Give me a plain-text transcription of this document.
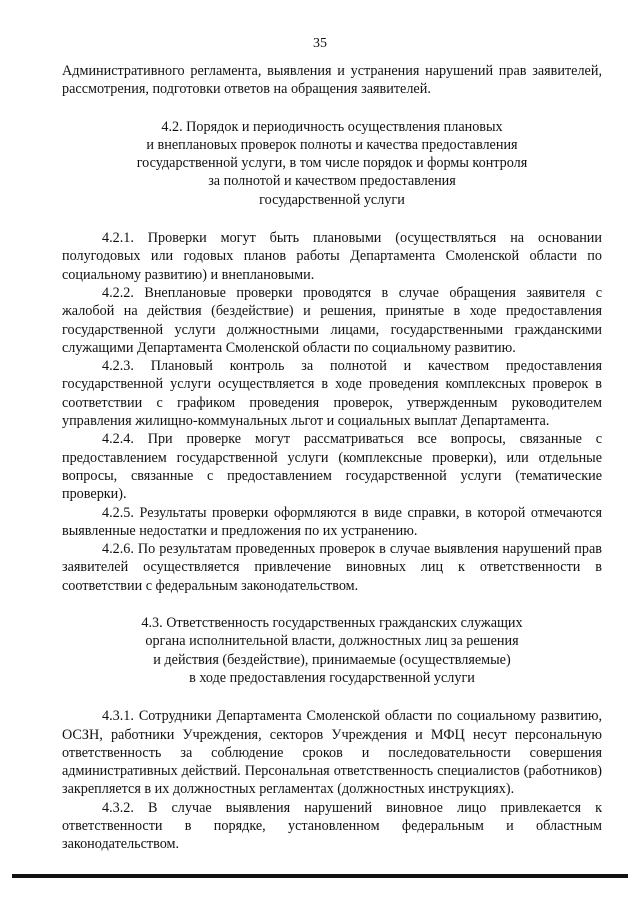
35

Административного регламента, выявления и устранения нарушений прав заявителей, рассмотрения, подготовки ответов на обращения заявителей.

4.2. Порядок и периодичность осуществления плановых

и внеплановых проверок полноты и качества предоставления

государственной услуги, в том числе порядок и формы контроля

за полнотой и качеством предоставления

государственной услуги

4.2.1. Проверки могут быть плановыми (осуществляться на основании полугодовых или годовых планов работы Департамента Смоленской области по социальному развитию) и внеплановыми.

4.2.2. Внеплановые проверки проводятся в случае обращения заявителя с жалобой на действия (бездействие) и решения, принятые в ходе предоставления государственной услуги должностными лицами, государственными гражданскими служащими Департамента Смоленской области по социальному развитию.

4.2.3. Плановый контроль за полнотой и качеством предоставления государственной услуги осуществляется в ходе проведения комплексных проверок в соответствии с графиком проведения проверок, утвержденным руководителем управления жилищно-коммунальных льгот и социальных выплат Департамента.

4.2.4. При проверке могут рассматриваться все вопросы, связанные с предоставлением государственной услуги (комплексные проверки), или отдельные вопросы, связанные с предоставлением государственной услуги (тематические проверки).

4.2.5. Результаты проверки оформляются в виде справки, в которой отмечаются выявленные недостатки и предложения по их устранению.

4.2.6. По результатам проведенных проверок в случае выявления нарушений прав заявителей осуществляется привлечение виновных лиц к ответственности в соответствии с федеральным законодательством.

4.3. Ответственность государственных гражданских служащих

органа исполнительной власти, должностных лиц за решения

и действия (бездействие), принимаемые (осуществляемые)

в ходе предоставления государственной услуги

4.3.1. Сотрудники Департамента Смоленской области по социальному развитию, ОСЗН, работники Учреждения, секторов Учреждения и МФЦ несут персональную ответственность за соблюдение сроков и последовательности совершения административных действий. Персональная ответственность специалистов (работников) закрепляется в их должностных регламентах (должностных инструкциях).

4.3.2. В случае выявления нарушений виновное лицо привлекается к ответственности в порядке, установленном федеральным и областным законодательством.
